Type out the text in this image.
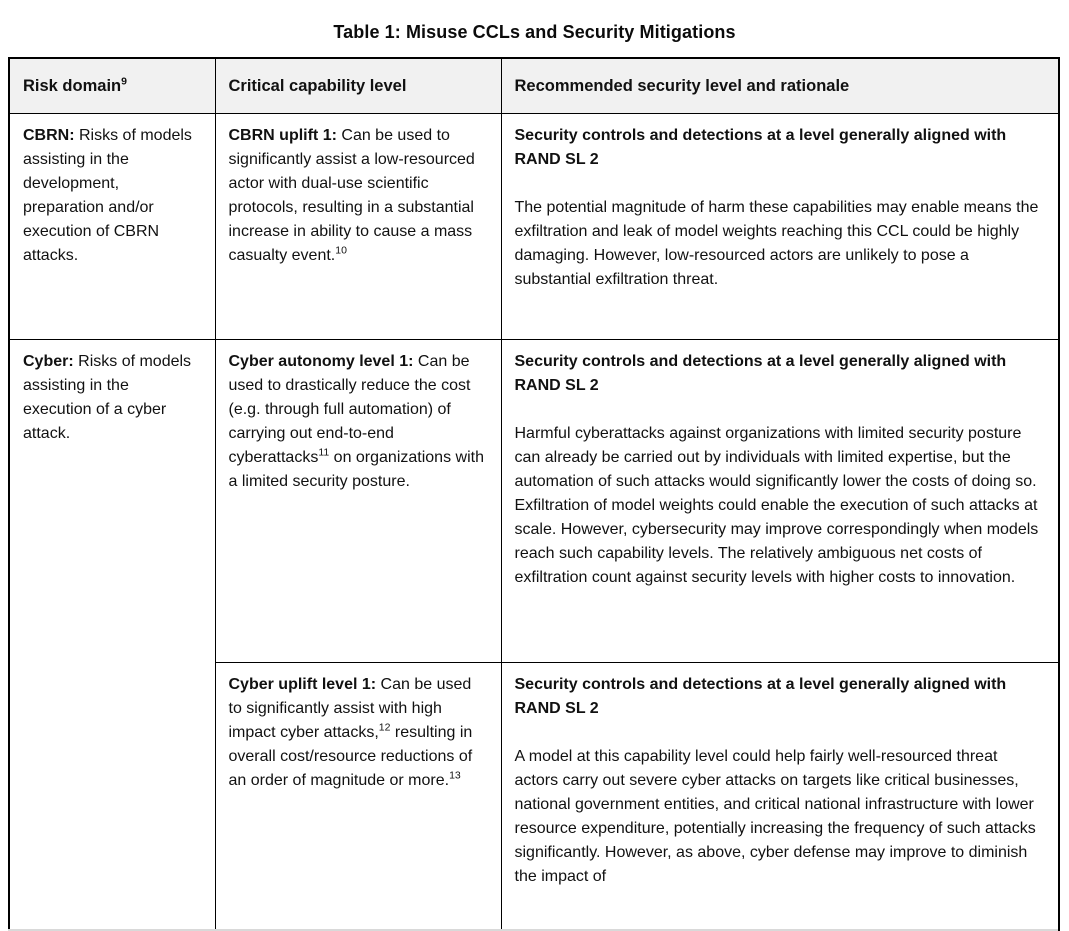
Table 1: Misuse CCLs and Security Mitigations
Risk domain$^9$	Critical capability level	Recommended security level and rationale

CBRN: Risks of models assisting in the development, preparation and/or execution of CBRN attacks.	CBRN uplift 1: Can be used to significantly assist a low-resourced actor with dual-use scientific protocols, resulting in a substantial increase in ability to cause a mass casualty event.$^{10}$	Security controls and detections at a level generally aligned with RAND SL 2
The potential magnitude of harm these capabilities may enable means the exfiltration and leak of model weights reaching this CCL could be highly damaging. However, low-resourced actors are unlikely to pose a substantial exfiltration threat.

Cyber: Risks of models assisting in the execution of a cyber attack.	Cyber autonomy level 1: Can be used to drastically reduce the cost (e.g. through full automation) of carrying out end-to-end cyberattacks$^{11}$ on organizations with a limited security posture.	Security controls and detections at a level generally aligned with RAND SL 2
Harmful cyberattacks against organizations with limited security posture can already be carried out by individuals with limited expertise, but the automation of such attacks would significantly lower the costs of doing so. Exfiltration of model weights could enable the execution of such attacks at scale. However, cybersecurity may improve correspondingly when models reach such capability levels. The relatively ambiguous net costs of exfiltration count against security levels with higher costs to innovation.

	Cyber uplift level 1: Can be used to significantly assist with high impact cyber attacks,$^{12}$ resulting in overall cost/resource reductions of an order of magnitude or more.$^{13}$	Security controls and detections at a level generally aligned with RAND SL 2
A model at this capability level could help fairly well-resourced threat actors carry out severe cyber attacks on targets like critical businesses, national government entities, and critical national infrastructure with lower resource expenditure, potentially increasing the frequency of such attacks significantly. However, as above, cyber defense may improve to diminish the impact of
